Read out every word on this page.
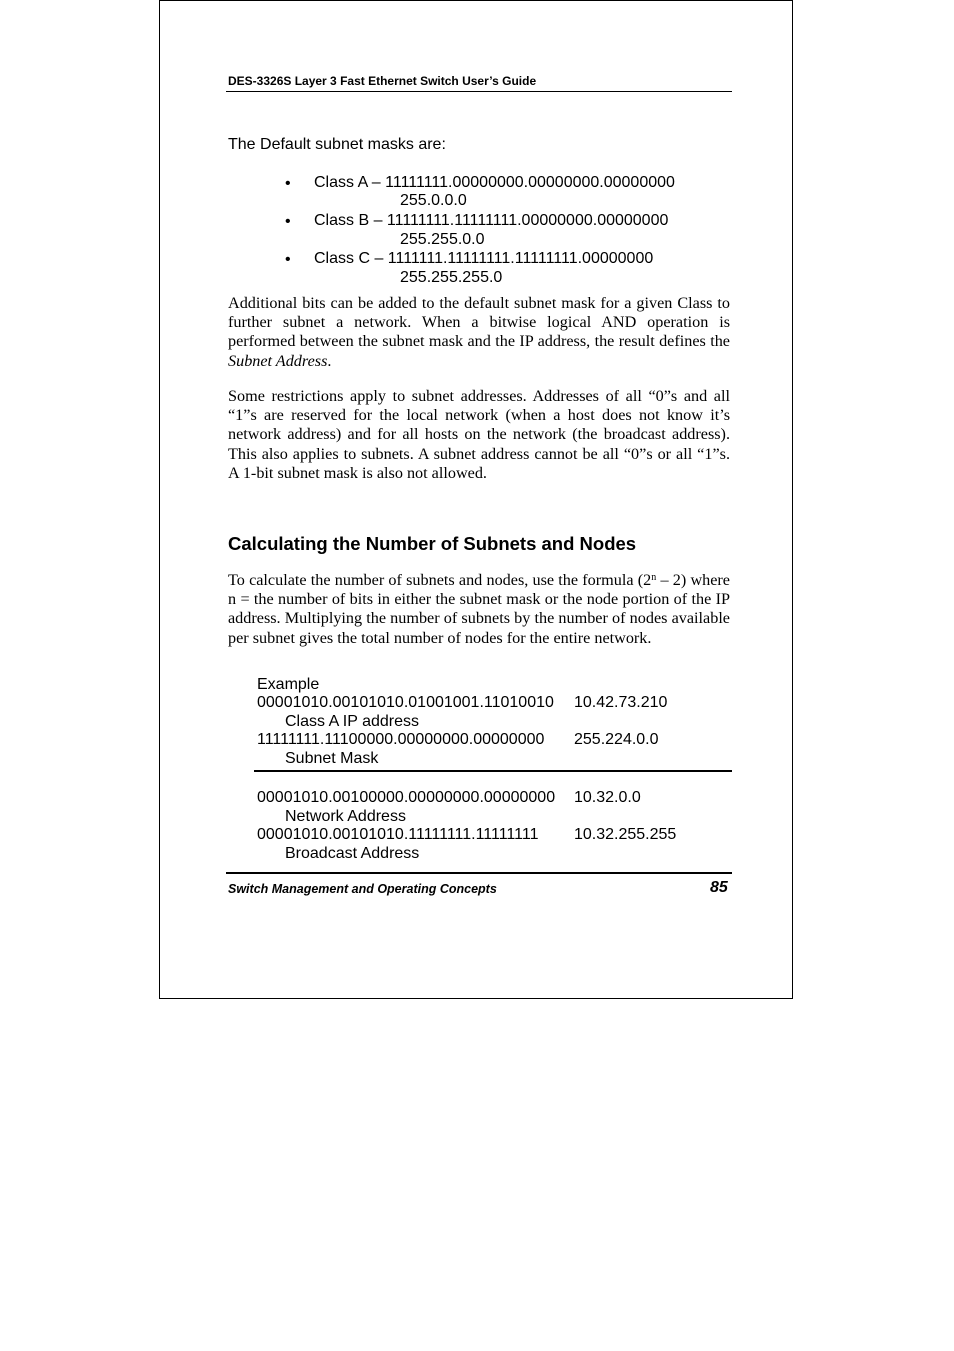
DES-3326S Layer 3 Fast Ethernet Switch User’s Guide

The Default subnet masks are:

• Class A – 11111111.00000000.00000000.00000000

255.0.0.0

• Class B – 11111111.11111111.00000000.00000000

255.255.0.0

• Class C – 1111111.11111111.11111111.00000000

255.255.255.0

Additional bits can be added to the default subnet mask for a given Class to further subnet a network. When a bitwise logical AND operation is performed between the subnet mask and the IP address, the result defines the Subnet Address.

Some restrictions apply to subnet addresses. Addresses of all “0”s and all “1”s are reserved for the local network (when a host does not know it’s network address) and for all hosts on the network (the broadcast address). This also applies to subnets. A subnet address cannot be all “0”s or all “1”s. A 1-bit subnet mask is also not allowed.

Calculating the Number of Subnets and Nodes

To calculate the number of subnets and nodes, use the formula (2$^n$ – 2) where n = the number of bits in either the subnet mask or the node portion of the IP address. Multiplying the number of subnets by the number of nodes available per subnet gives the total number of nodes for the entire network.

Example

00001010.00101010.01001001.11010010 10.42.73.210

Class A IP address

11111111.11100000.00000000.00000000 255.224.0.0

Subnet Mask

00001010.00100000.00000000.00000000 10.32.0.0

Network Address

00001010.00101010.11111111.11111111 10.32.255.255

Broadcast Address

Switch Management and Operating Concepts	85
